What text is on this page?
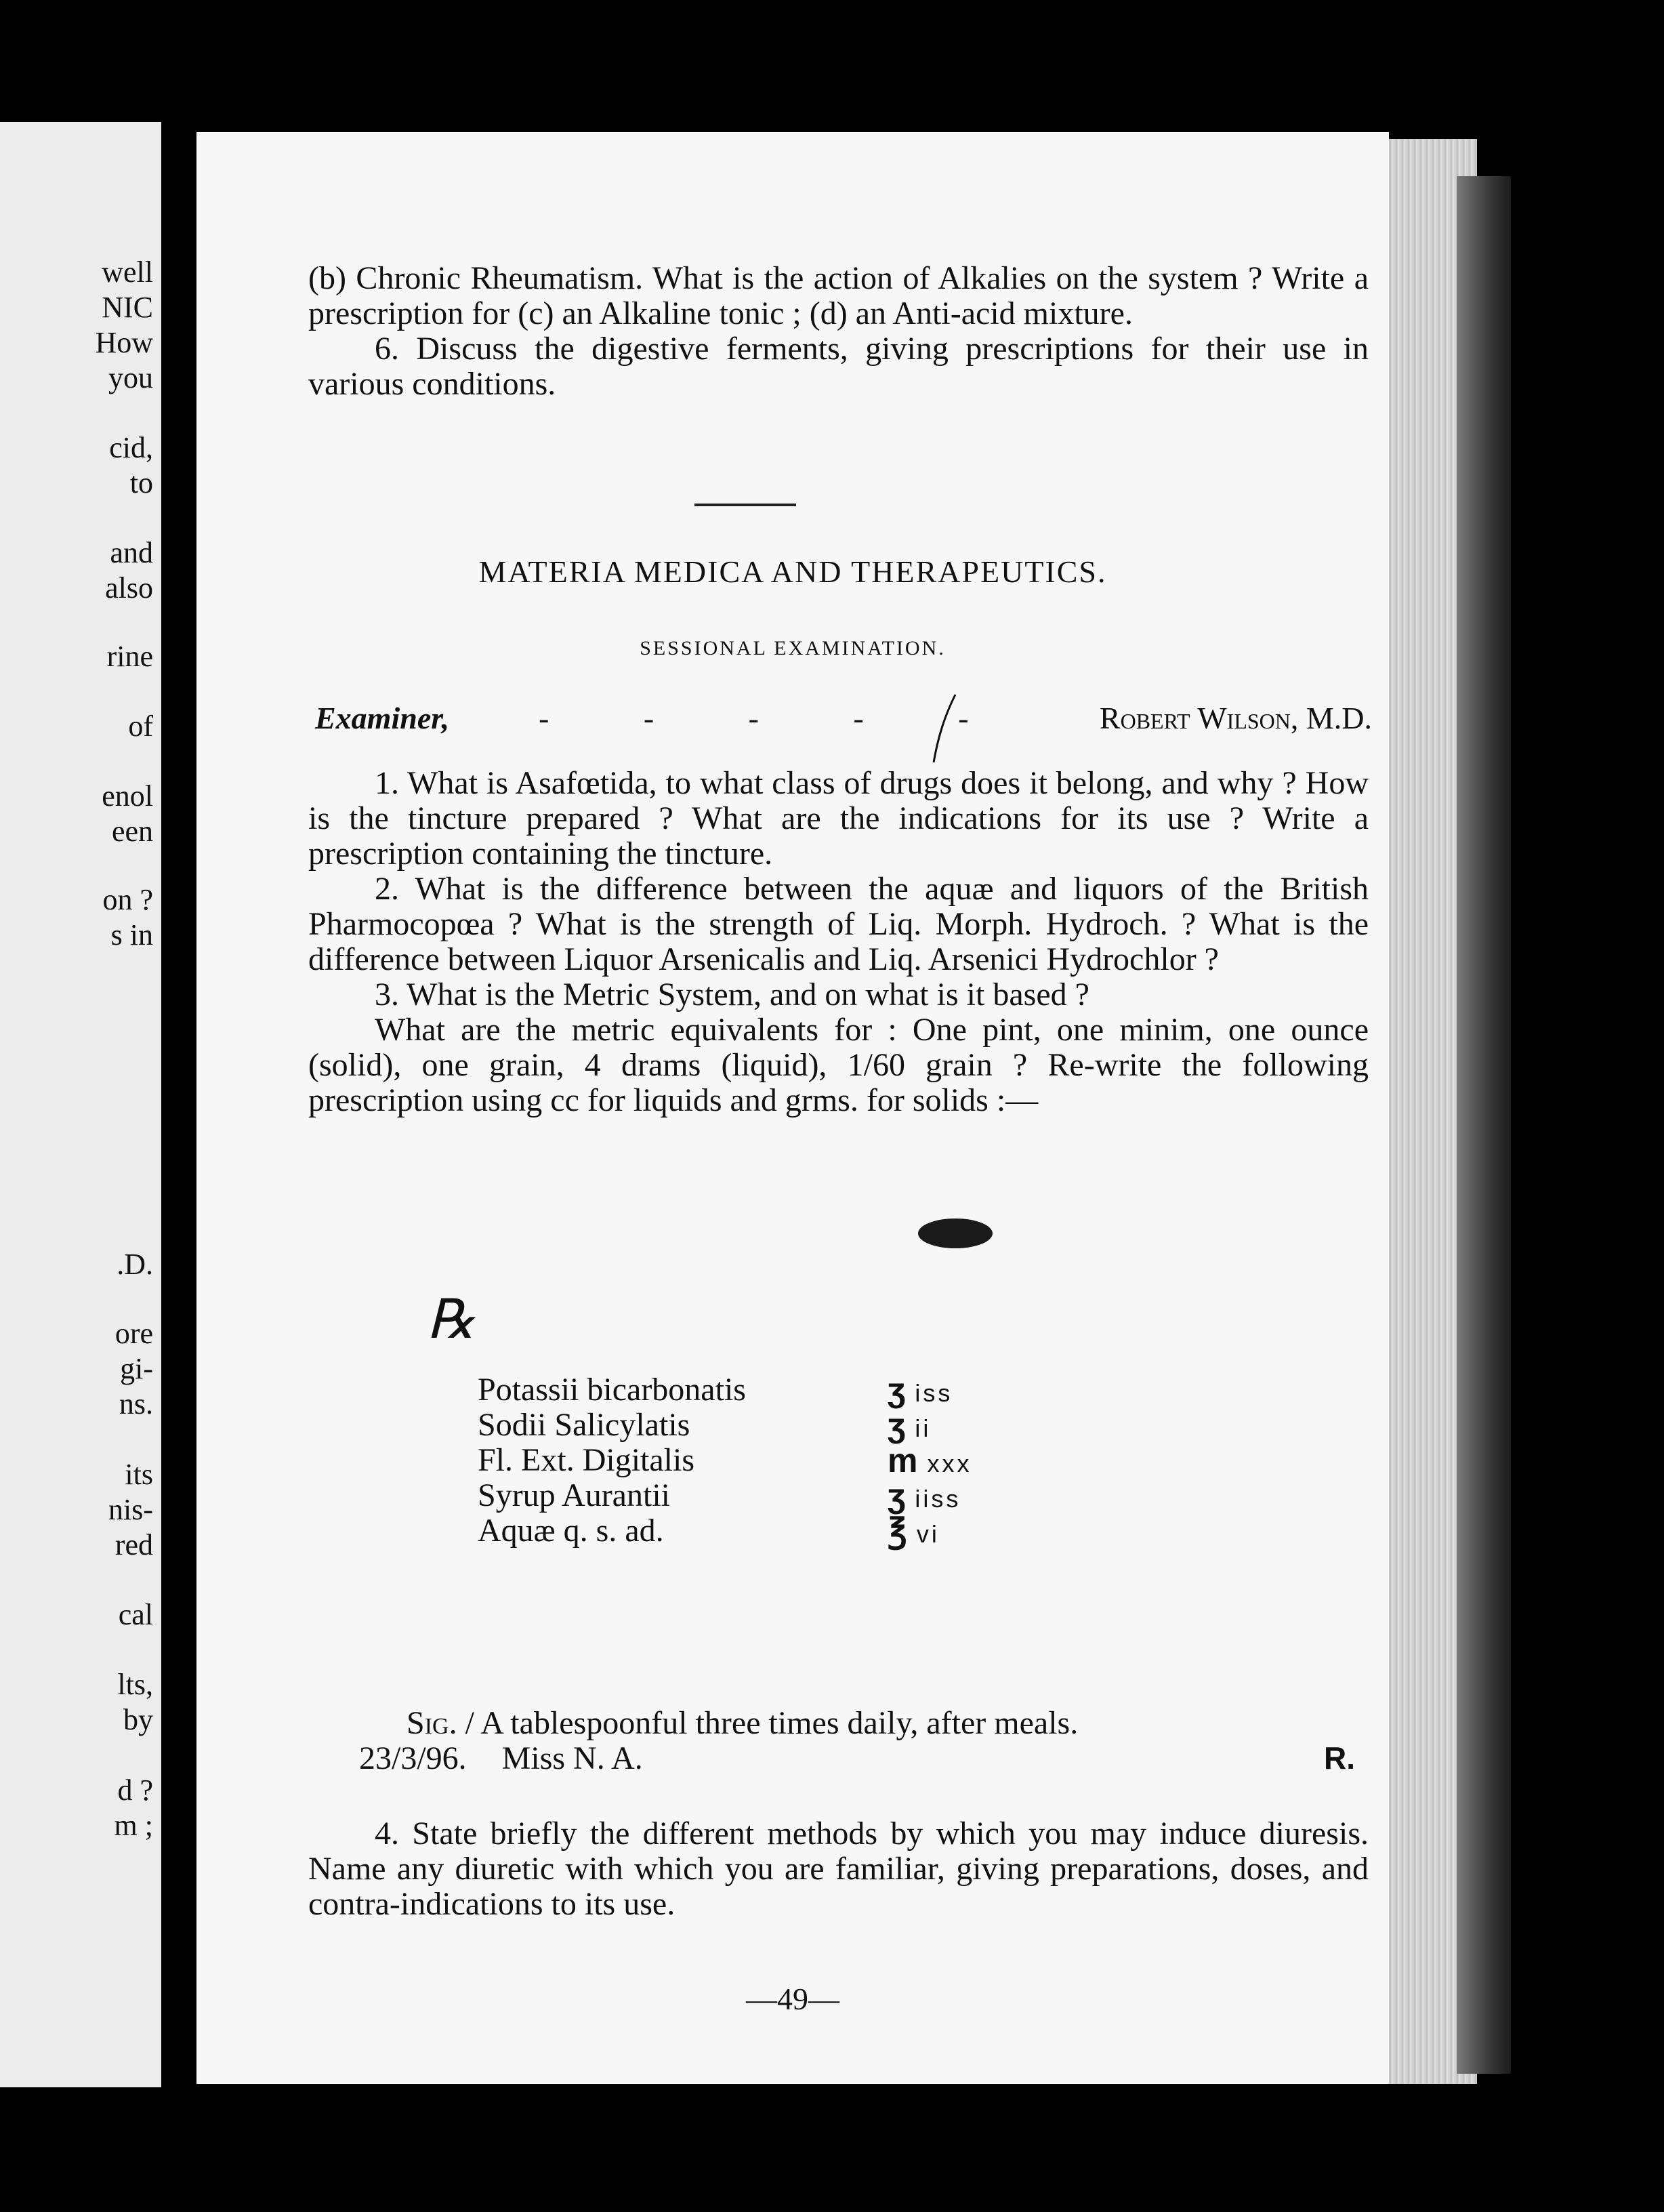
well
NIC
How
you
cid,
to
and
also
rine
of
enol
een
on ?
s in
.D.
ore
gi-
ns.
its
nis-
red
cal
lts,
by
d ?
m ;

(b) Chronic Rheumatism. What is the action of Alkalies on the system ? Write a prescription for (c) an Alkaline tonic ; (d) an Anti-acid mixture.

6. Discuss the digestive ferments, giving prescriptions for their use in various conditions.

MATERIA MEDICA AND THERAPEUTICS.
SESSIONAL EXAMINATION.
Examiner,	- - - - -	Robert Wilson, M.D.

1. What is Asafœtida, to what class of drugs does it belong, and why ? How is the tincture prepared ? What are the indications for its use ? Write a prescription containing the tincture.

2. What is the difference between the aquæ and liquors of the British Pharmocopœa ? What is the strength of Liq. Morph. Hydroch. ? What is the difference between Liquor Arsenicalis and Liq. Arsenici Hydrochlor ?

3. What is the Metric System, and on what is it based ?

What are the metric equivalents for : One pint, one minim, one ounce (solid), one grain, 4 drams (liquid), 1/60 grain ? Re-write the following prescription using cc for liquids and grms. for solids :—

℞
Potassii bicarbonatis	ʒ iss
Sodii Salicylatis	ʒ ii
Fl. Ext. Digitalis	m xxx
Syrup Aurantii	ʒ iiss
Aquæ q. s. ad.	℥ vi
Sig. / A tablespoonful three times daily, after meals.
23/3/96. Miss N. A.	R.

4. State briefly the different methods by which you may induce diuresis. Name any diuretic with which you are familiar, giving preparations, doses, and contra-indications to its use.

—49—
